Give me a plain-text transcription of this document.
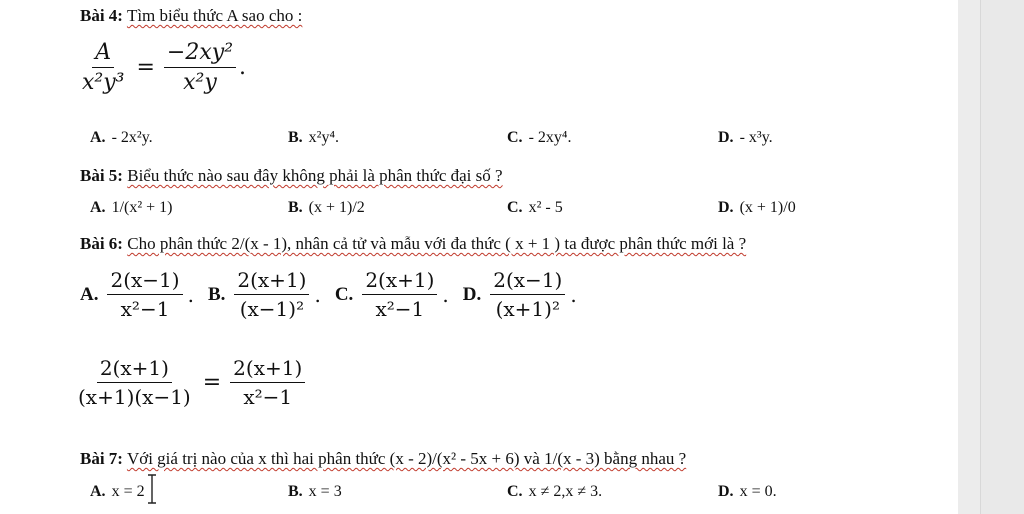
Bài 4: Tìm biểu thức A sao cho :
$\frac{A}{\text{x²y³}} = \frac{\text{−2xy²}}{\text{x²y}}$ .
A. - 2x²y.	B. x²y⁴.	C. - 2xy⁴.	D. - x³y.
Bài 5: Biểu thức nào sau đây không phải là phân thức đại số ?
A. 1/(x² + 1)	B. (x + 1)/2	C. x² - 5	D. (x + 1)/0
Bài 6: Cho phân thức 2/(x - 1), nhân cả tử và mẫu với đa thức ( x + 1 ) ta được phân thức mới là ?
A. $\frac{2(x-1)}{\text{x²−1}}$ . B. $\frac{2(x+1)}{\text{(x−1)²}}$ . C. $\frac{2(x+1)}{\text{x²−1}}$ . D. $\frac{2(x-1)}{\text{(x+1)²}}$ .
$\frac{2(x+1)}{(x+1)(x-1)} = \frac{2(x+1)}{\text{x²−1}}$
Bài 7: Với giá trị nào của x thì hai phân thức (x - 2)/(x² - 5x + 6) và 1/(x - 3) bằng nhau ?
A. x = 2	B. x = 3	C. x ≠ 2,x ≠ 3.	D. x = 0.
